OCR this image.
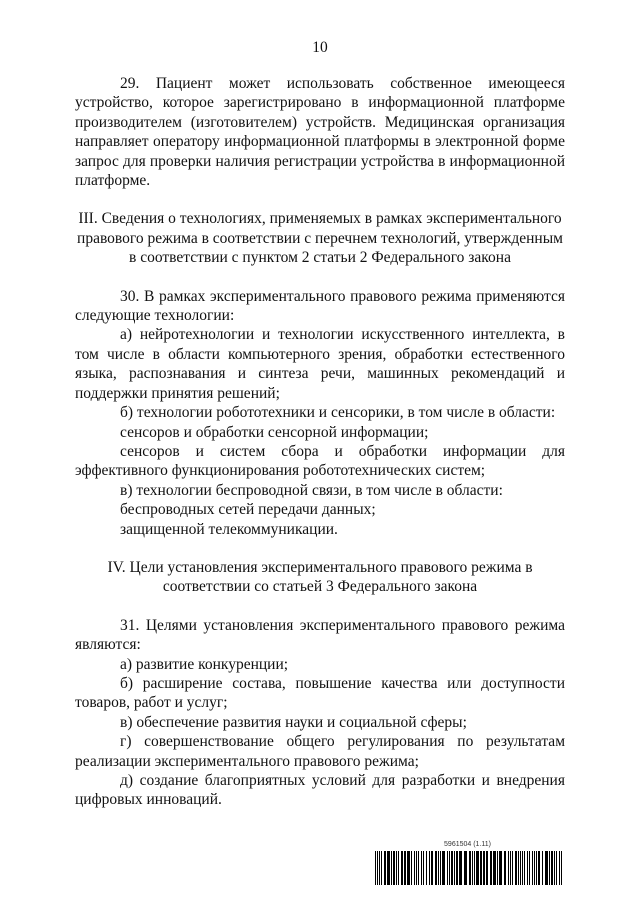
10

29. Пациент может использовать собственное имеющееся устройство, которое зарегистрировано в информационной платформе производителем (изготовителем) устройств. Медицинская организация направляет оператору информационной платформы в электронной форме запрос для проверки наличия регистрации устройства в информационной платформе.

III. Сведения о технологиях, применяемых в рамках экспериментального правового режима в соответствии с перечнем технологий, утвержденным в соответствии с пунктом 2 статьи 2 Федерального закона

30. В рамках экспериментального правового режима применяются следующие технологии:

а) нейротехнологии и технологии искусственного интеллекта, в том числе в области компьютерного зрения, обработки естественного языка, распознавания и синтеза речи, машинных рекомендаций и поддержки принятия решений;

б) технологии робототехники и сенсорики, в том числе в области:

сенсоров и обработки сенсорной информации;

сенсоров и систем сбора и обработки информации для эффективного функционирования робототехнических систем;

в) технологии беспроводной связи, в том числе в области:

беспроводных сетей передачи данных;

защищенной телекоммуникации.

IV. Цели установления экспериментального правового режима в соответствии со статьей 3 Федерального закона

31. Целями установления экспериментального правового режима являются:

а) развитие конкуренции;

б) расширение состава, повышение качества или доступности товаров, работ и услуг;

в) обеспечение развития науки и социальной сферы;

г) совершенствование общего регулирования по результатам реализации экспериментального правового режима;

д) создание благоприятных условий для разработки и внедрения цифровых инноваций.

5961504 (1.11)
